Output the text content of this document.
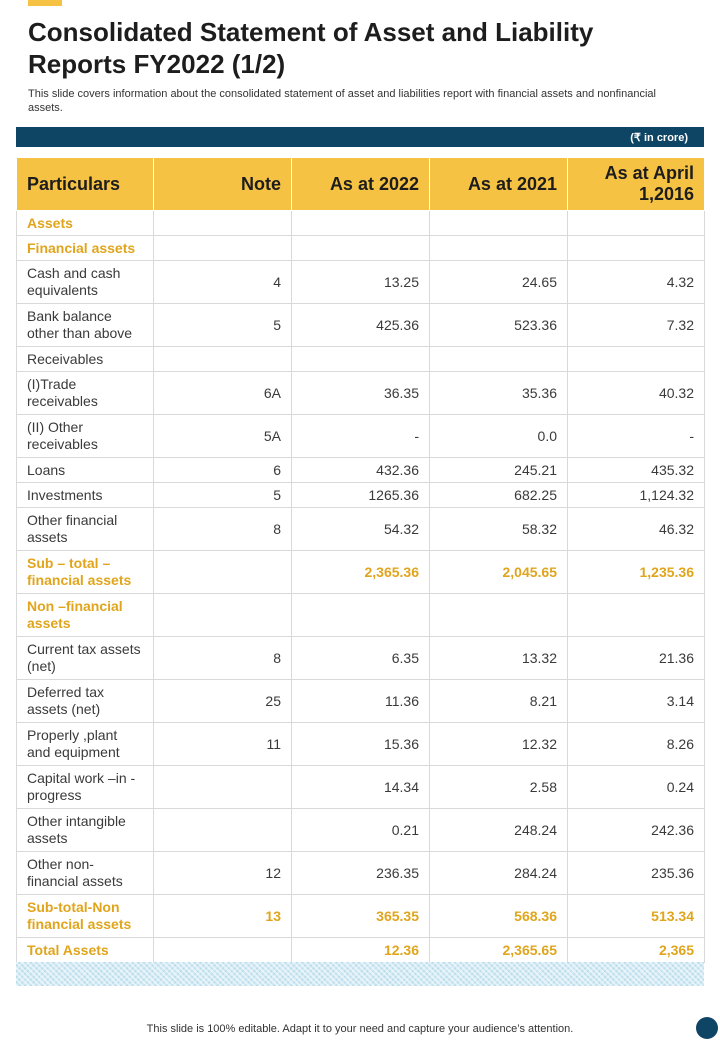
Consolidated Statement of Asset and Liability Reports FY2022 (1/2)

This slide covers information about the consolidated statement of asset and liabilities report with financial assets and nonfinancial assets.

(₹ in crore)
Particulars	Note	As at 2022	As at 2021	As at April 1,2016
Assets				
Financial assets				
Cash and cash equivalents	4	13.25	24.65	4.32
Bank balance other than above	5	425.36	523.36	7.32
Receivables				
(I)Trade receivables	6A	36.35	35.36	40.32
(II) Other receivables	5A	-	0.0	-
Loans	6	432.36	245.21	435.32
Investments	5	1265.36	682.25	1,124.32
Other financial assets	8	54.32	58.32	46.32
Sub – total – financial assets		2,365.36	2,045.65	1,235.36
Non –financial assets				
Current tax assets (net)	8	6.35	13.32	21.36
Deferred tax assets (net)	25	11.36	8.21	3.14
Properly ,plant and equipment	11	15.36	12.32	8.26
Capital work –in - progress		14.34	2.58	0.24
Other intangible assets		0.21	248.24	242.36
Other non-financial assets	12	236.35	284.24	235.36
Sub-total-Non financial assets	13	365.35	568.36	513.34
Total Assets		12.36	2,365.65	2,365

This slide is 100% editable. Adapt it to your need and capture your audience’s attention.
